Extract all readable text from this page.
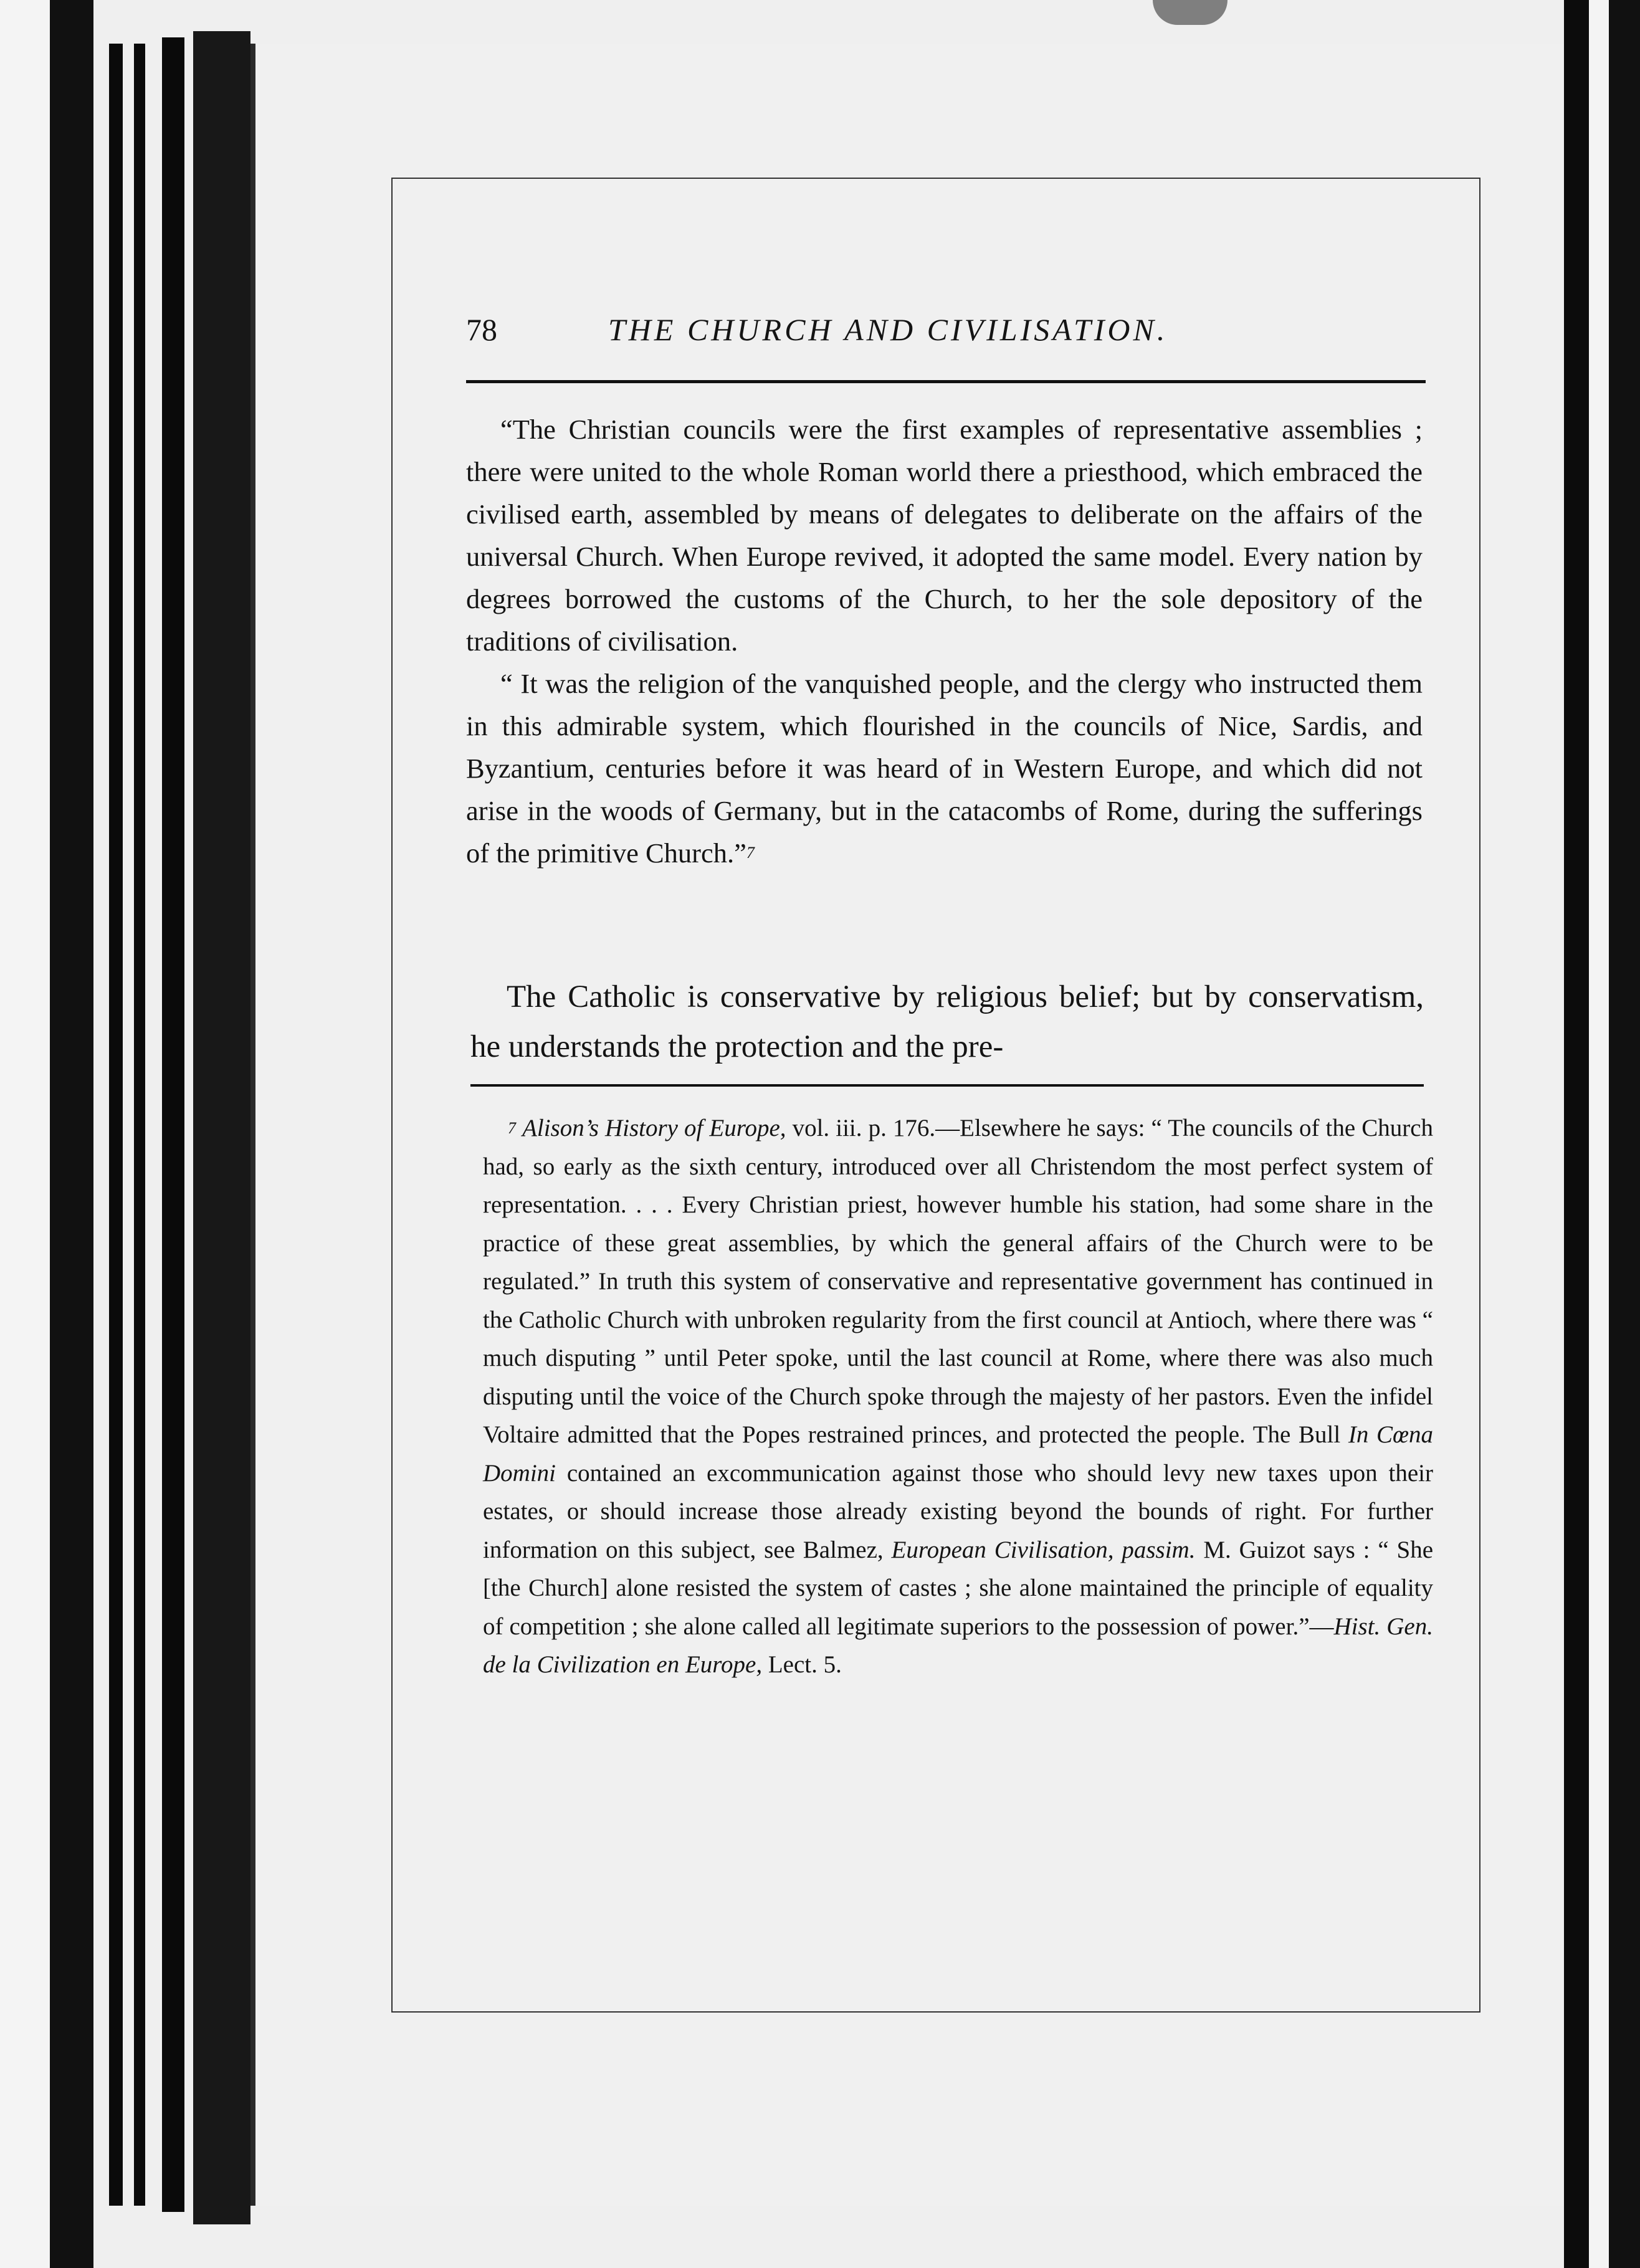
78	THE CHURCH AND CIVILISATION.

“The Christian councils were the first examples of representative assemblies ; there were united to the whole Roman world there a priesthood, which embraced the civilised earth, assembled by means of delegates to deliberate on the affairs of the universal Church. When Europe revived, it adopted the same model. Every nation by degrees borrowed the customs of the Church, to her the sole depository of the traditions of civilisation.

“ It was the religion of the vanquished people, and the clergy who instructed them in this admirable system, which flourished in the councils of Nice, Sardis, and Byzantium, centuries before it was heard of in Western Europe, and which did not arise in the woods of Germany, but in the catacombs of Rome, during the sufferings of the primitive Church.”$^7$

The Catholic is conservative by religious belief; but by conservatism, he understands the protection and the pre-

$^7$ Alison’s History of Europe, vol. iii. p. 176.—Elsewhere he says: “ The councils of the Church had, so early as the sixth century, introduced over all Christendom the most perfect system of representation. . . . Every Christian priest, however humble his station, had some share in the practice of these great assemblies, by which the general affairs of the Church were to be regulated.” In truth this system of conservative and representative government has continued in the Catholic Church with unbroken regularity from the first council at Antioch, where there was “ much disputing ” until Peter spoke, until the last council at Rome, where there was also much disputing until the voice of the Church spoke through the majesty of her pastors. Even the infidel Voltaire admitted that the Popes restrained princes, and protected the people. The Bull In Cœna Domini contained an excommunication against those who should levy new taxes upon their estates, or should increase those already existing beyond the bounds of right. For further information on this subject, see Balmez, European Civilisation, passim. M. Guizot says : “ She [the Church] alone resisted the system of castes ; she alone maintained the principle of equality of competition ; she alone called all legitimate superiors to the possession of power.”—Hist. Gen. de la Civilization en Europe, Lect. 5.
